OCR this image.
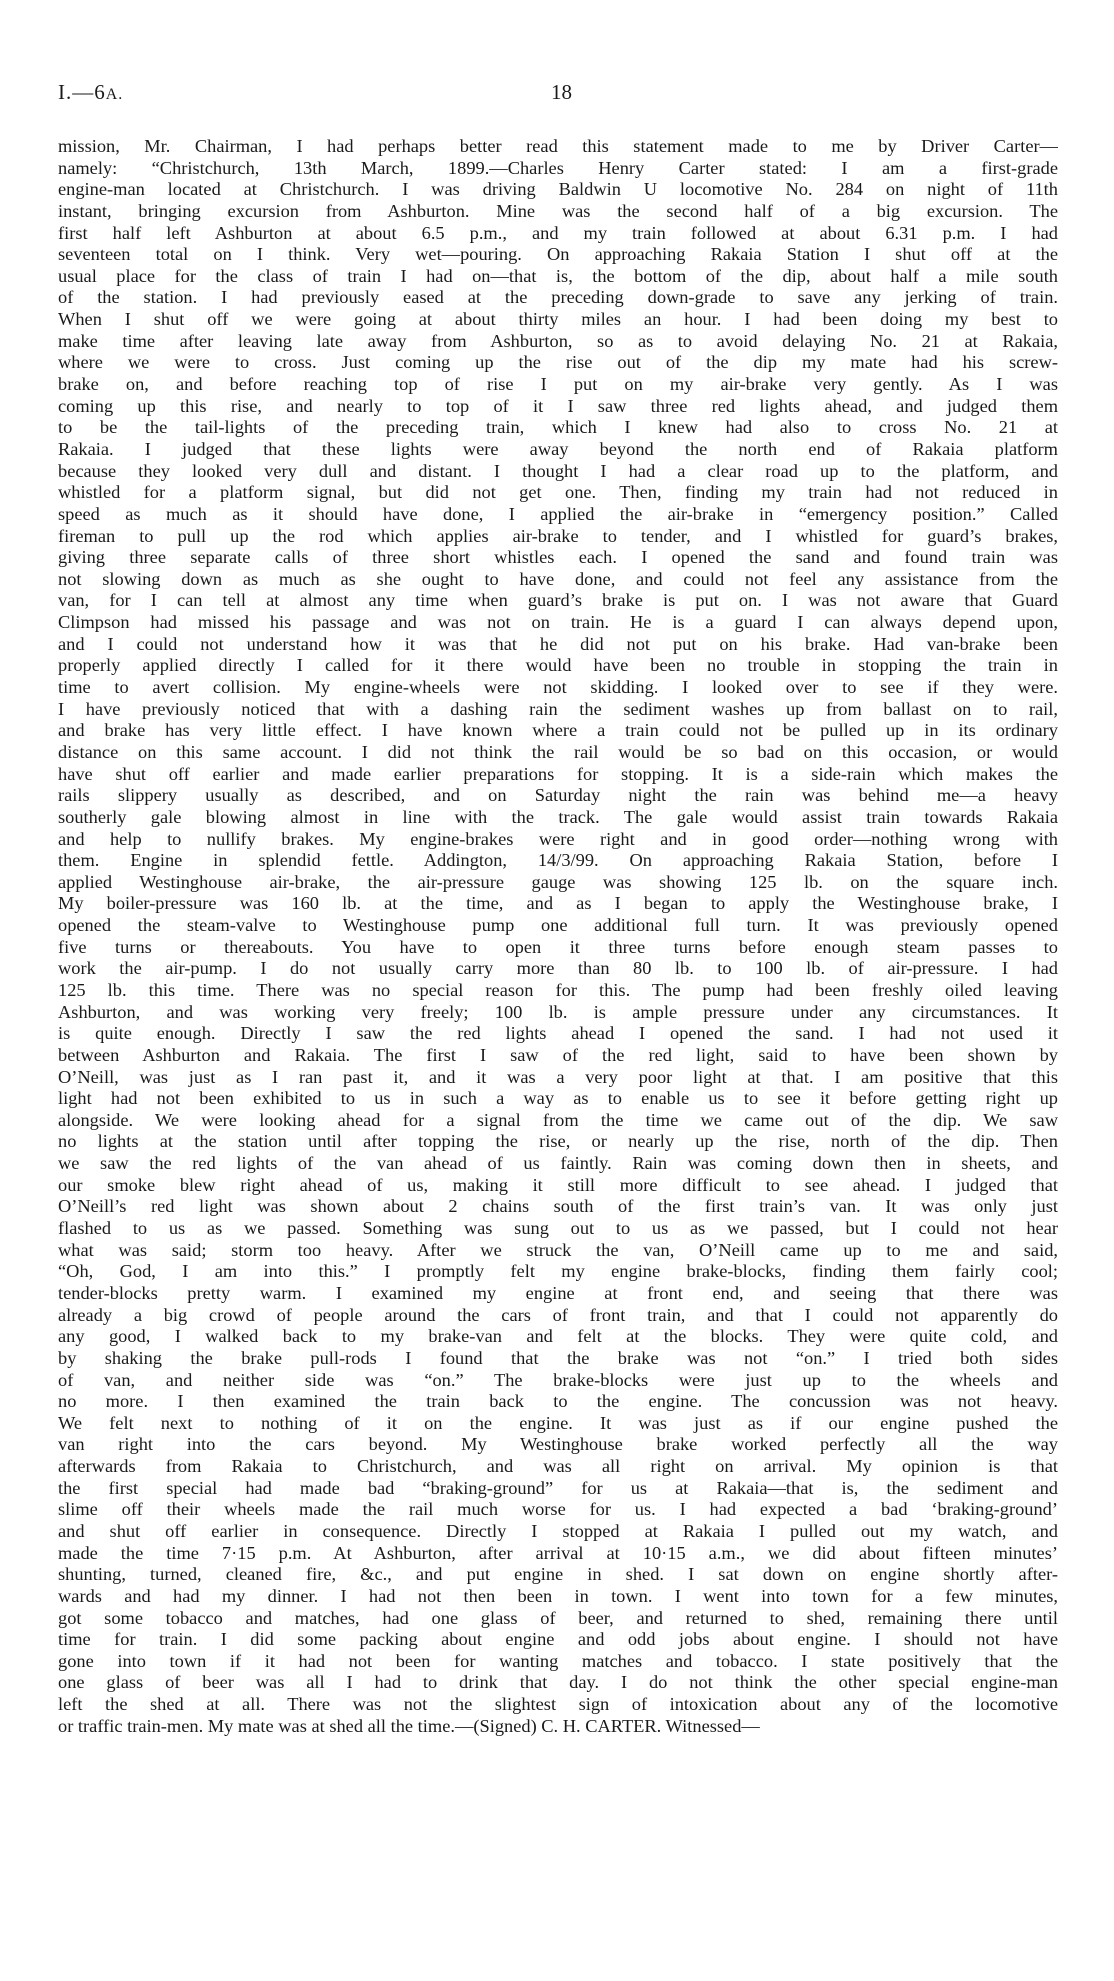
I.—6A.	18
mission, Mr. Chairman, I had perhaps better read this statement made to me by Driver Carter—
namely: “Christchurch, 13th March, 1899.—Charles Henry Carter stated: I am a first-grade
engine-man located at Christchurch. I was driving Baldwin U locomotive No. 284 on night of 11th
instant, bringing excursion from Ashburton. Mine was the second half of a big excursion. The
first half left Ashburton at about 6.5 p.m., and my train followed at about 6.31 p.m. I had
seventeen total on I think. Very wet—pouring. On approaching Rakaia Station I shut off at the
usual place for the class of train I had on—that is, the bottom of the dip, about half a mile south
of the station. I had previously eased at the preceding down-grade to save any jerking of train.
When I shut off we were going at about thirty miles an hour. I had been doing my best to
make time after leaving late away from Ashburton, so as to avoid delaying No. 21 at Rakaia,
where we were to cross. Just coming up the rise out of the dip my mate had his screw-
brake on, and before reaching top of rise I put on my air-brake very gently. As I was
coming up this rise, and nearly to top of it I saw three red lights ahead, and judged them
to be the tail-lights of the preceding train, which I knew had also to cross No. 21 at
Rakaia. I judged that these lights were away beyond the north end of Rakaia platform
because they looked very dull and distant. I thought I had a clear road up to the platform, and
whistled for a platform signal, but did not get one. Then, finding my train had not reduced in
speed as much as it should have done, I applied the air-brake in “emergency position.” Called
fireman to pull up the rod which applies air-brake to tender, and I whistled for guard’s brakes,
giving three separate calls of three short whistles each. I opened the sand and found train was
not slowing down as much as she ought to have done, and could not feel any assistance from the
van, for I can tell at almost any time when guard’s brake is put on. I was not aware that Guard
Climpson had missed his passage and was not on train. He is a guard I can always depend upon,
and I could not understand how it was that he did not put on his brake. Had van-brake been
properly applied directly I called for it there would have been no trouble in stopping the train in
time to avert collision. My engine-wheels were not skidding. I looked over to see if they were.
I have previously noticed that with a dashing rain the sediment washes up from ballast on to rail,
and brake has very little effect. I have known where a train could not be pulled up in its ordinary
distance on this same account. I did not think the rail would be so bad on this occasion, or would
have shut off earlier and made earlier preparations for stopping. It is a side-rain which makes the
rails slippery usually as described, and on Saturday night the rain was behind me—a heavy
southerly gale blowing almost in line with the track. The gale would assist train towards Rakaia
and help to nullify brakes. My engine-brakes were right and in good order—nothing wrong with
them. Engine in splendid fettle. Addington, 14/3/99. On approaching Rakaia Station, before I
applied Westinghouse air-brake, the air-pressure gauge was showing 125 lb. on the square inch.
My boiler-pressure was 160 lb. at the time, and as I began to apply the Westinghouse brake, I
opened the steam-valve to Westinghouse pump one additional full turn. It was previously opened
five turns or thereabouts. You have to open it three turns before enough steam passes to
work the air-pump. I do not usually carry more than 80 lb. to 100 lb. of air-pressure. I had
125 lb. this time. There was no special reason for this. The pump had been freshly oiled leaving
Ashburton, and was working very freely; 100 lb. is ample pressure under any circumstances. It
is quite enough. Directly I saw the red lights ahead I opened the sand. I had not used it
between Ashburton and Rakaia. The first I saw of the red light, said to have been shown by
O’Neill, was just as I ran past it, and it was a very poor light at that. I am positive that this
light had not been exhibited to us in such a way as to enable us to see it before getting right up
alongside. We were looking ahead for a signal from the time we came out of the dip. We saw
no lights at the station until after topping the rise, or nearly up the rise, north of the dip. Then
we saw the red lights of the van ahead of us faintly. Rain was coming down then in sheets, and
our smoke blew right ahead of us, making it still more difficult to see ahead. I judged that
O’Neill’s red light was shown about 2 chains south of the first train’s van. It was only just
flashed to us as we passed. Something was sung out to us as we passed, but I could not hear
what was said; storm too heavy. After we struck the van, O’Neill came up to me and said,
“Oh, God, I am into this.” I promptly felt my engine brake-blocks, finding them fairly cool;
tender-blocks pretty warm. I examined my engine at front end, and seeing that there was
already a big crowd of people around the cars of front train, and that I could not apparently do
any good, I walked back to my brake-van and felt at the blocks. They were quite cold, and
by shaking the brake pull-rods I found that the brake was not “on.” I tried both sides
of van, and neither side was “on.” The brake-blocks were just up to the wheels and
no more. I then examined the train back to the engine. The concussion was not heavy.
We felt next to nothing of it on the engine. It was just as if our engine pushed the
van right into the cars beyond. My Westinghouse brake worked perfectly all the way
afterwards from Rakaia to Christchurch, and was all right on arrival. My opinion is that
the first special had made bad “braking-ground” for us at Rakaia—that is, the sediment and
slime off their wheels made the rail much worse for us. I had expected a bad ‘braking-ground’
and shut off earlier in consequence. Directly I stopped at Rakaia I pulled out my watch, and
made the time 7·15 p.m. At Ashburton, after arrival at 10·15 a.m., we did about fifteen minutes’
shunting, turned, cleaned fire, &c., and put engine in shed. I sat down on engine shortly after-
wards and had my dinner. I had not then been in town. I went into town for a few minutes,
got some tobacco and matches, had one glass of beer, and returned to shed, remaining there until
time for train. I did some packing about engine and odd jobs about engine. I should not have
gone into town if it had not been for wanting matches and tobacco. I state positively that the
one glass of beer was all I had to drink that day. I do not think the other special engine-man
left the shed at all. There was not the slightest sign of intoxication about any of the locomotive
or traffic train-men. My mate was at shed all the time.—(Signed) C. H. CARTER. Witnessed—
